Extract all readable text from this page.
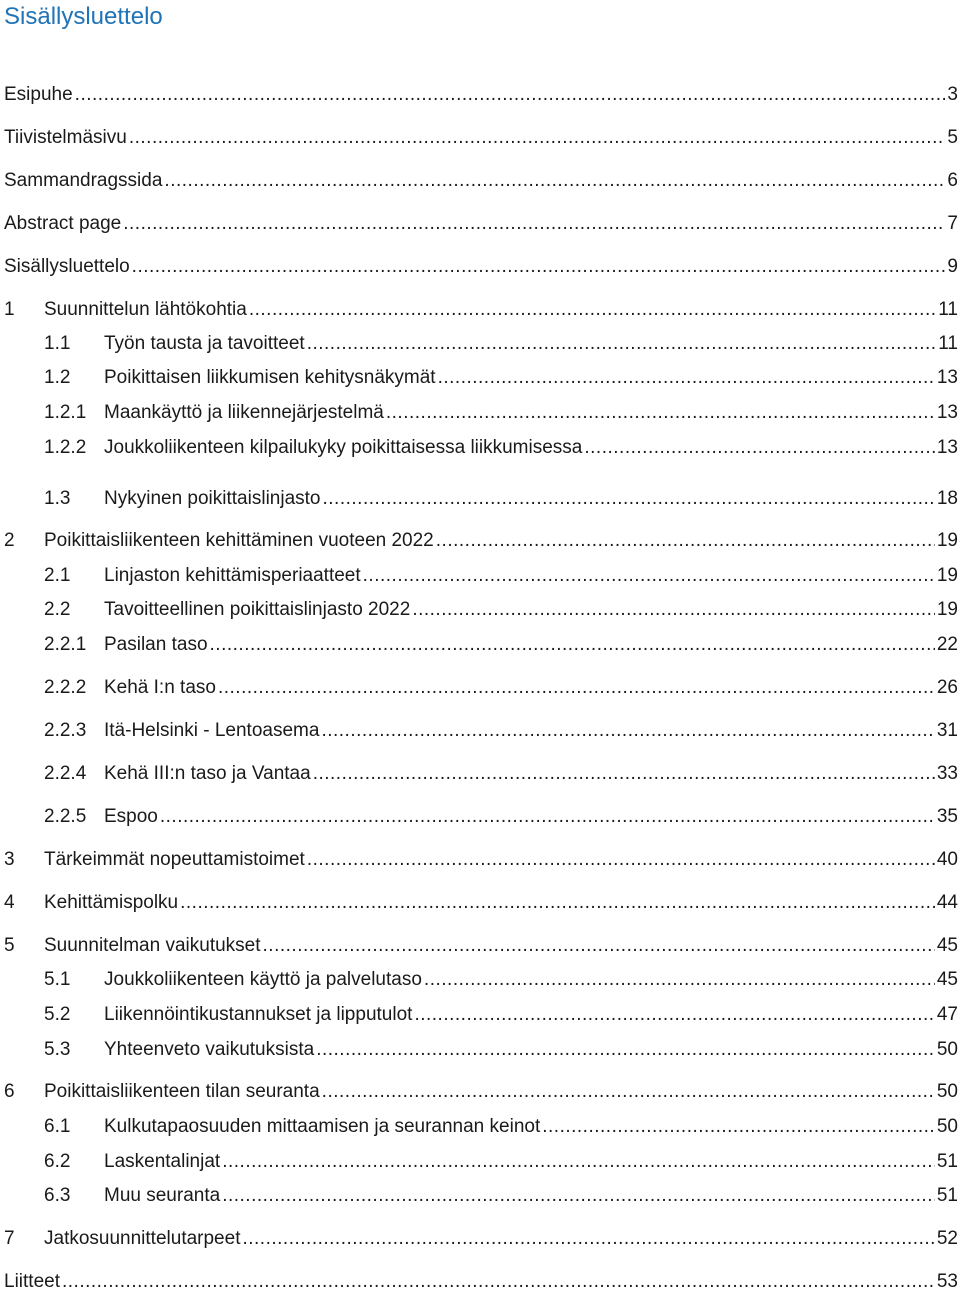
Sisällysluettelo
Esipuhe .....	3
Tiivistelmäsivu .....	5
Sammandragssida .....	6
Abstract page .....	7
Sisällysluettelo .....	9
1	Suunnittelun lähtökohtia .....	11
1.1	Työn tausta ja tavoitteet .....	11
1.2	Poikittaisen liikkumisen kehitysnäkymät .....	13
1.2.1 Maankäyttö ja liikennejärjestelmä .....	13
1.2.2 Joukkoliikenteen kilpailukyky poikittaisessa liikkumisessa .....	13
1.3	Nykyinen poikittaislinjasto .....	18
2	Poikittaisliikenteen kehittäminen vuoteen 2022 .....	19
2.1	Linjaston kehittämisperiaatteet .....	19
2.2	Tavoitteellinen poikittaislinjasto 2022 .....	19
2.2.1 Pasilan taso .....	22
2.2.2 Kehä I:n taso .....	26
2.2.3 Itä-Helsinki - Lentoasema .....	31
2.2.4 Kehä III:n taso ja Vantaa .....	33
2.2.5 Espoo .....	35
3	Tärkeimmät nopeuttamistoimet .....	40
4	Kehittämispolku .....	44
5	Suunnitelman vaikutukset .....	45
5.1	Joukkoliikenteen käyttö ja palvelutaso .....	45
5.2	Liikennöintikustannukset ja lipputulot .....	47
5.3	Yhteenveto vaikutuksista .....	50
6	Poikittaisliikenteen tilan seuranta .....	50
6.1	Kulkutapaosuuden mittaamisen ja seurannan keinot .....	50
6.2	Laskentalinjat .....	51
6.3	Muu seuranta .....	51
7	Jatkosuunnittelutarpeet .....	52
Liitteet .....	53
